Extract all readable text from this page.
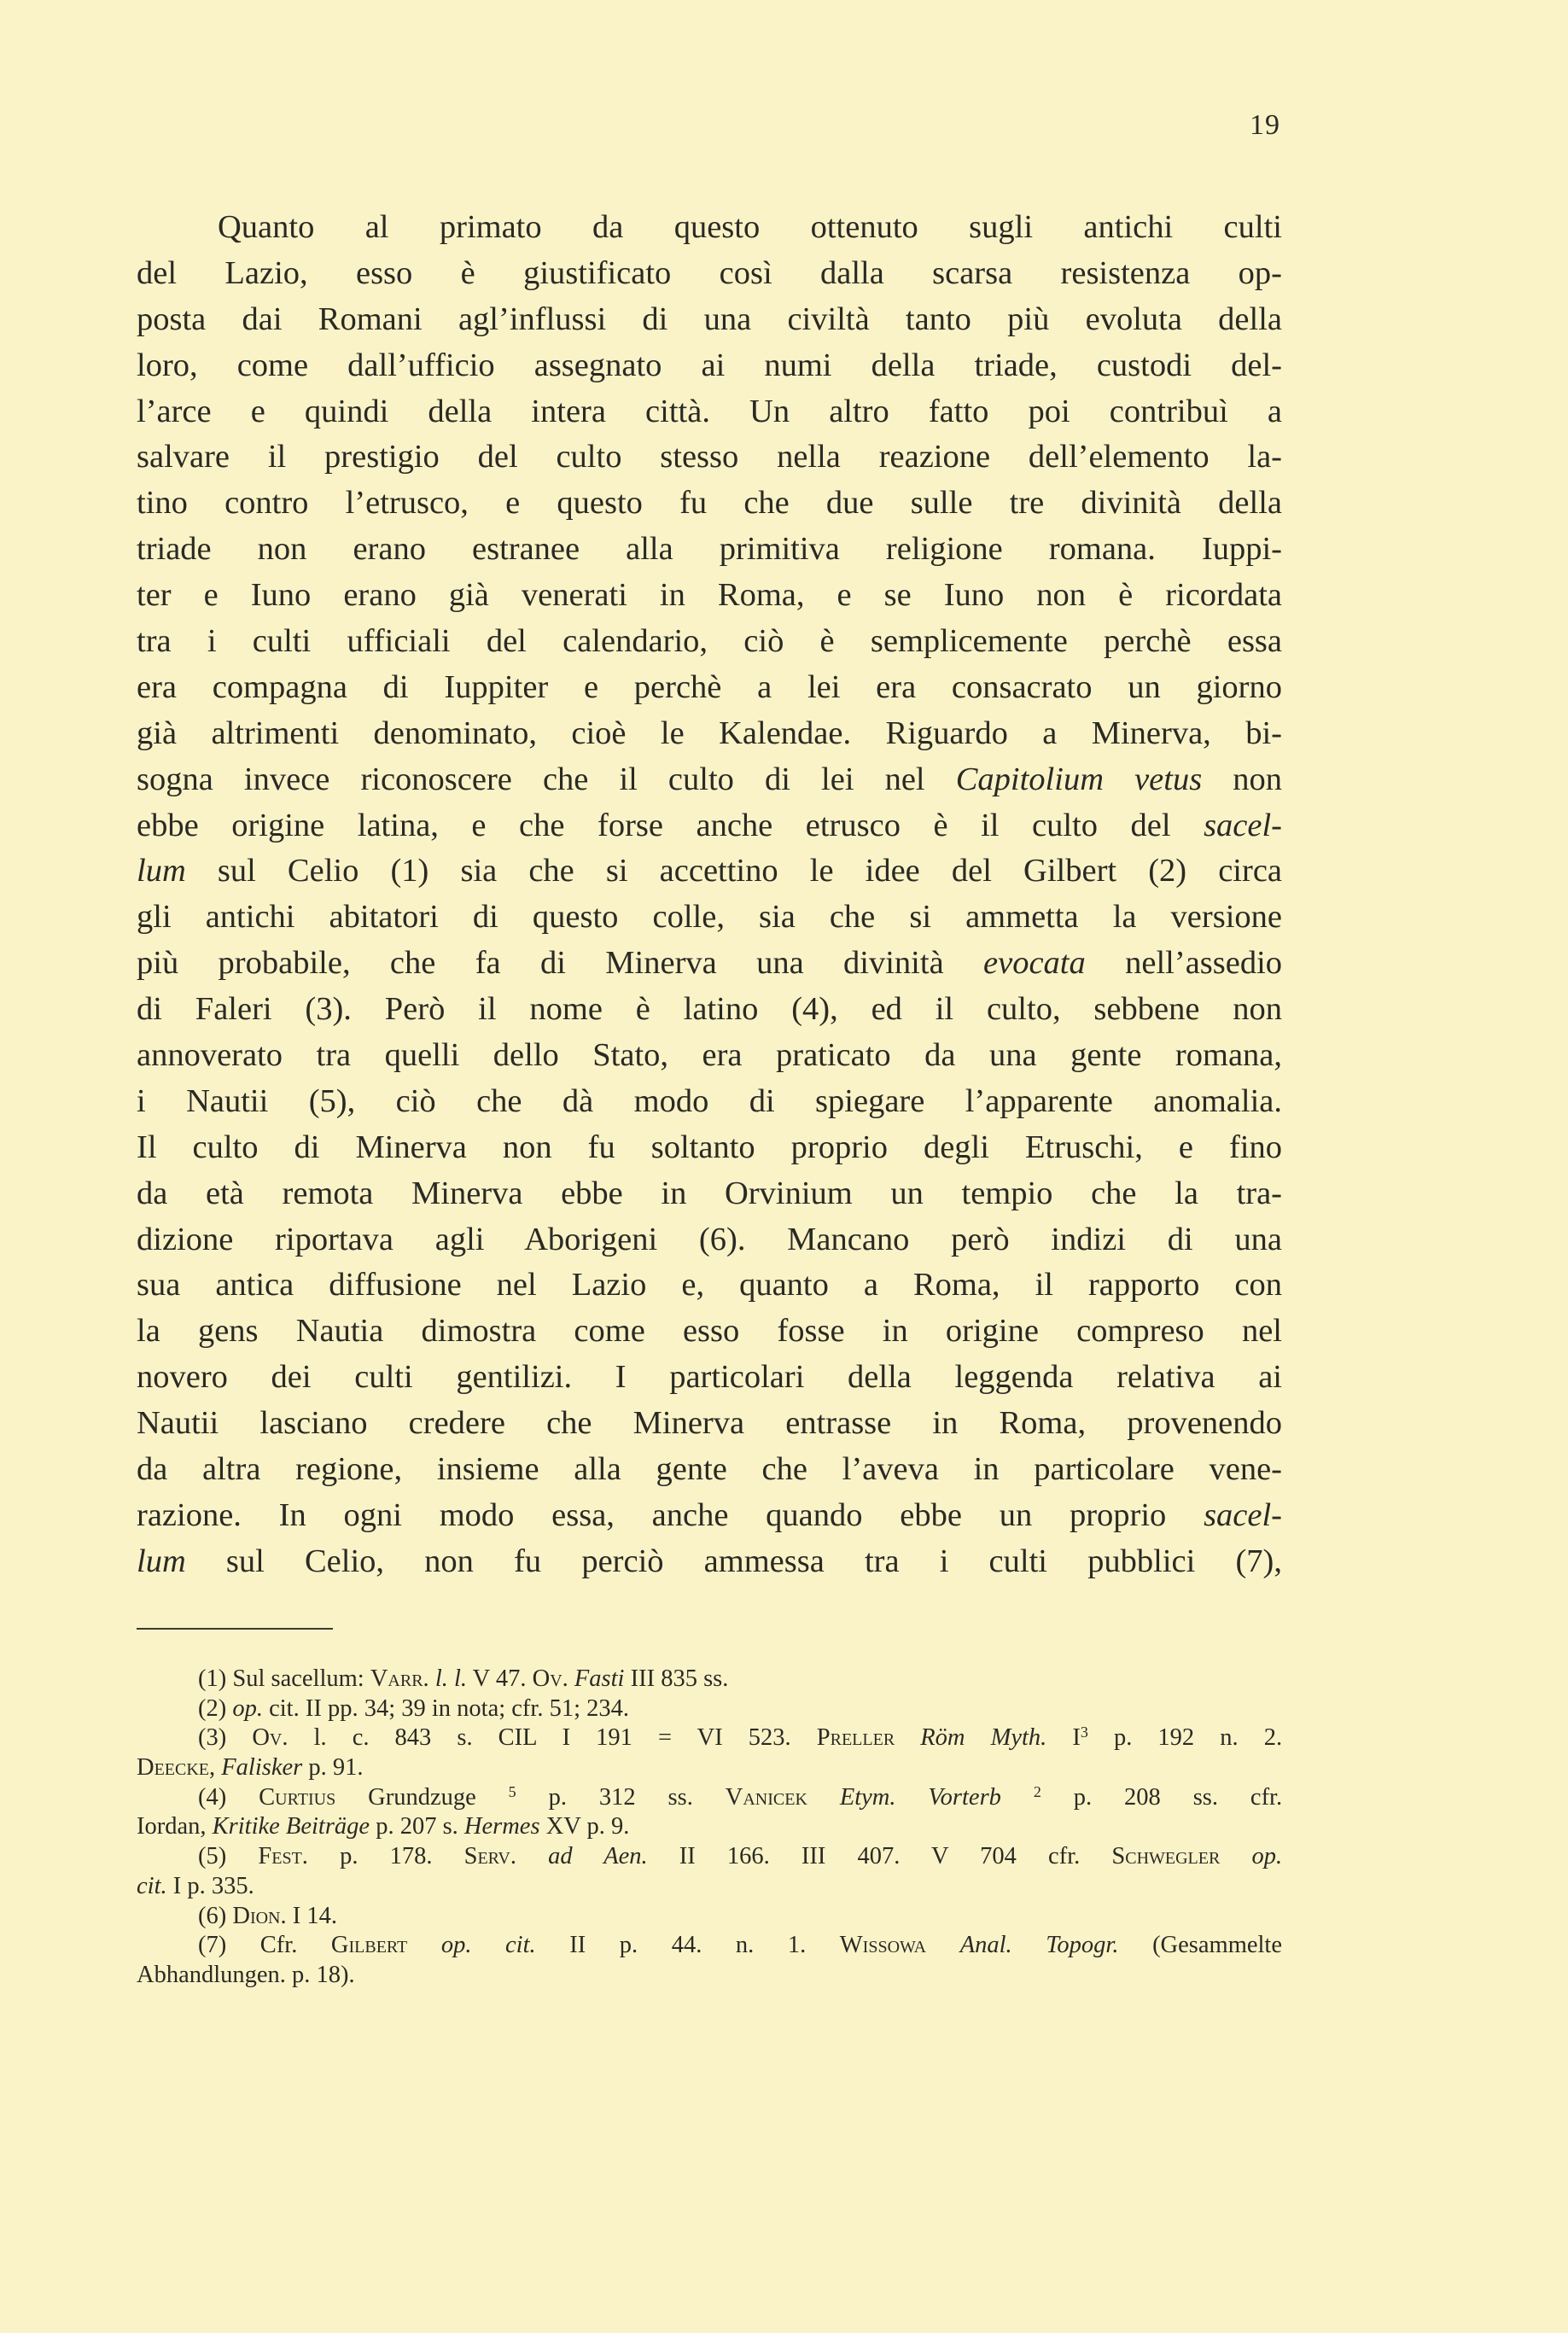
19
Quanto al primato da questo ottenuto sugli antichi culti
del Lazio, esso è giustificato così dalla scarsa resistenza op-
posta dai Romani agl’influssi di una civiltà tanto più evoluta della
loro, come dall’ufficio assegnato ai numi della triade, custodi del-
l’arce e quindi della intera città. Un altro fatto poi contribuì a
salvare il prestigio del culto stesso nella reazione dell’elemento la-
tino contro l’etrusco, e questo fu che due sulle tre divinità della
triade non erano estranee alla primitiva religione romana. Iuppi-
ter e Iuno erano già venerati in Roma, e se Iuno non è ricordata
tra i culti ufficiali del calendario, ciò è semplicemente perchè essa
era compagna di Iuppiter e perchè a lei era consacrato un giorno
già altrimenti denominato, cioè le Kalendae. Riguardo a Minerva, bi-
sogna invece riconoscere che il culto di lei nel Capitolium vetus non
ebbe origine latina, e che forse anche etrusco è il culto del sacel-
lum sul Celio (1) sia che si accettino le idee del Gilbert (2) circa
gli antichi abitatori di questo colle, sia che si ammetta la versione
più probabile, che fa di Minerva una divinità evocata nell’assedio
di Faleri (3). Però il nome è latino (4), ed il culto, sebbene non
annoverato tra quelli dello Stato, era praticato da una gente romana,
i Nautii (5), ciò che dà modo di spiegare l’apparente anomalia.
Il culto di Minerva non fu soltanto proprio degli Etruschi, e fino
da età remota Minerva ebbe in Orvinium un tempio che la tra-
dizione riportava agli Aborigeni (6). Mancano però indizi di una
sua antica diffusione nel Lazio e, quanto a Roma, il rapporto con
la gens Nautia dimostra come esso fosse in origine compreso nel
novero dei culti gentilizi. I particolari della leggenda relativa ai
Nautii lasciano credere che Minerva entrasse in Roma, provenendo
da altra regione, insieme alla gente che l’aveva in particolare vene-
razione. In ogni modo essa, anche quando ebbe un proprio sacel-
lum sul Celio, non fu perciò ammessa tra i culti pubblici (7),
(1) Sul sacellum: Varr. l. l. V 47. Ov. Fasti III 835 ss.
(2) op. cit. II pp. 34; 39 in nota; cfr. 51; 234.
(3) Ov. l. c. 843 s. CIL I 191 = VI 523. Preller Röm Myth. $I^3$ p. 192 n. 2.
Deecke, Falisker p. 91.
(4) Curtius Grundzuge $^5$ p. 312 ss. Vanicek Etym. Vorterb $^2$ p. 208 ss. cfr.
Iordan, Kritike Beiträge p. 207 s. Hermes XV p. 9.
(5) Fest. p. 178. Serv. ad Aen. II 166. III 407. V 704 cfr. Schwegler op.
cit. I p. 335.
(6) Dion. I 14.
(7) Cfr. Gilbert op. cit. II p. 44. n. 1. Wissowa Anal. Topogr. (Gesammelte
Abhandlungen. p. 18).
